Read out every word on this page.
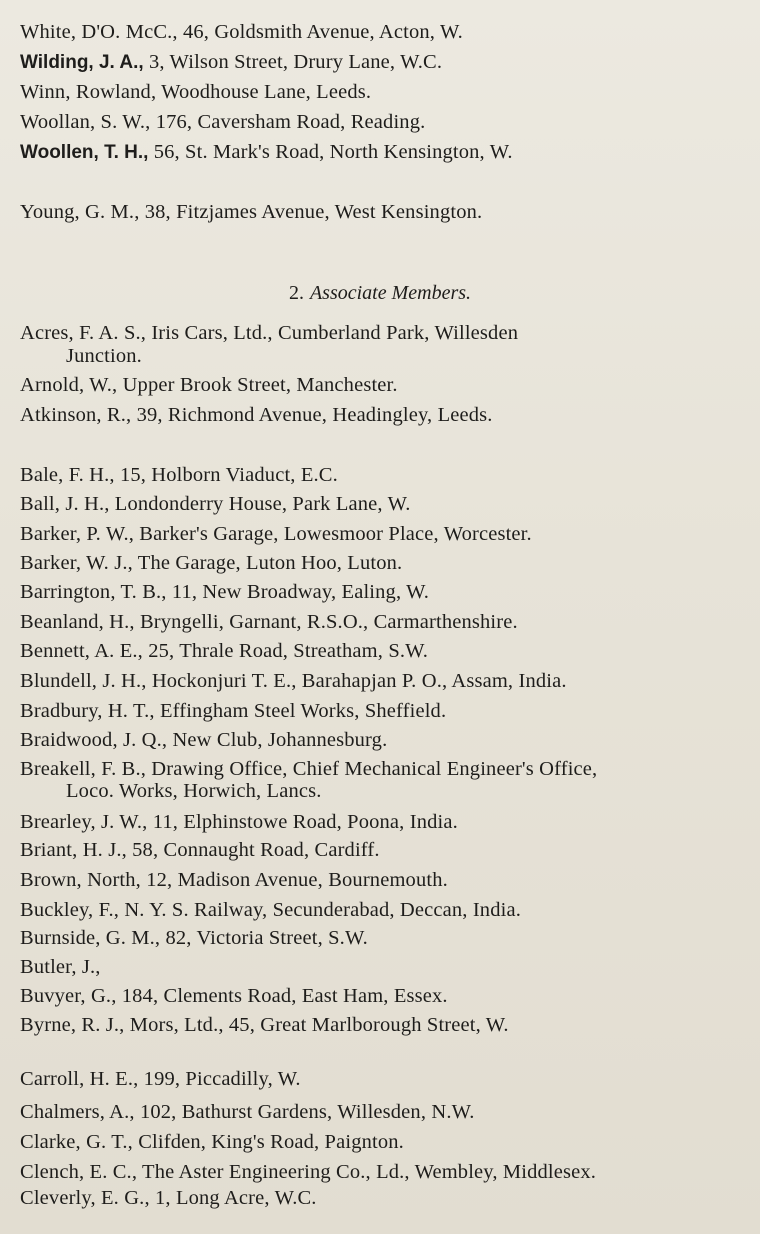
White, D'O. McC., 46, Goldsmith Avenue, Acton, W.
Wilding, J. A., 3, Wilson Street, Drury Lane, W.C.
Winn, Rowland, Woodhouse Lane, Leeds.
Woollan, S. W., 176, Caversham Road, Reading.
Woollen, T. H., 56, St. Mark's Road, North Kensington, W.
Young, G. M., 38, Fitzjames Avenue, West Kensington.
2. Associate Members.
Acres, F. A. S., Iris Cars, Ltd., Cumberland Park, Willesden
Junction.
Arnold, W., Upper Brook Street, Manchester.
Atkinson, R., 39, Richmond Avenue, Headingley, Leeds.
Bale, F. H., 15, Holborn Viaduct, E.C.
Ball, J. H., Londonderry House, Park Lane, W.
Barker, P. W., Barker's Garage, Lowesmoor Place, Worcester.
Barker, W. J., The Garage, Luton Hoo, Luton.
Barrington, T. B., 11, New Broadway, Ealing, W.
Beanland, H., Bryngelli, Garnant, R.S.O., Carmarthenshire.
Bennett, A. E., 25, Thrale Road, Streatham, S.W.
Blundell, J. H., Hockonjuri T. E., Barahapjan P. O., Assam, India.
Bradbury, H. T., Effingham Steel Works, Sheffield.
Braidwood, J. Q., New Club, Johannesburg.
Breakell, F. B., Drawing Office, Chief Mechanical Engineer's Office,
Loco. Works, Horwich, Lancs.
Brearley, J. W., 11, Elphinstowe Road, Poona, India.
Briant, H. J., 58, Connaught Road, Cardiff.
Brown, North, 12, Madison Avenue, Bournemouth.
Buckley, F., N. Y. S. Railway, Secunderabad, Deccan, India.
Burnside, G. M., 82, Victoria Street, S.W.
Butler, J.,
Buvyer, G., 184, Clements Road, East Ham, Essex.
Byrne, R. J., Mors, Ltd., 45, Great Marlborough Street, W.
Carroll, H. E., 199, Piccadilly, W.
Chalmers, A., 102, Bathurst Gardens, Willesden, N.W.
Clarke, G. T., Clifden, King's Road, Paignton.
Clench, E. C., The Aster Engineering Co., Ld., Wembley, Middlesex.
Cleverly, E. G., 1, Long Acre, W.C.
